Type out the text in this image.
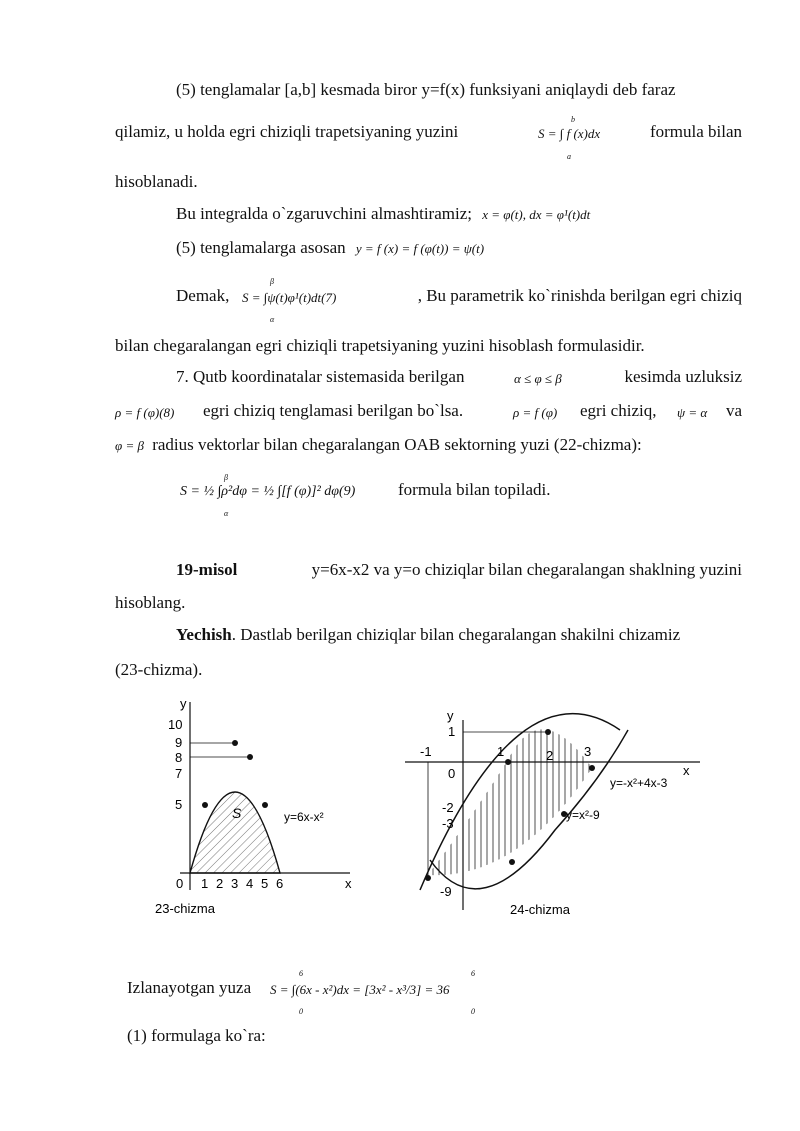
(5) tenglamalar [a,b] kesmada biror y=f(x) funksiyani aniqlaydi deb faraz
qilamiz, u holda egri chiziqli trapetsiyaning yuzini
b
S = ∫ f (x)dx
a
formula bilan
hisoblanadi.
Bu integralda o`zgaruvchini almashtiramiz; x = φ(t), dx = φ¹(t)dt
(5) tenglamalarga asosan y = f (x) = f (φ(t)) = ψ(t)
Demak,
β
S = ∫ψ(t)φ¹(t)dt(7)
α
, Bu parametrik ko`rinishda berilgan egri chiziq
bilan chegaralangan egri chiziqli trapetsiyaning yuzini hisoblash formulasidir.
7. Qutb koordinatalar sistemasida berilgan	α ≤ φ ≤ β	kesimda uzluksiz
ρ = f (φ)(8) egri chiziq tenglamasi berilgan bo`lsa.	ρ = f (φ) egri chiziq, ψ = α va
φ = β radius vektorlar bilan chegaralangan OAB sektorning yuzi (22-chizma):
β
S = ½ ∫ρ²dφ = ½ ∫[f (φ)]² dφ(9)
α
formula bilan topiladi.
19-misol	y=6x-x2 va y=o chiziqlar bilan chegaralangan shaklning yuzini
hisoblang.
Yechish . Dastlab berilgan chiziqlar bilan chegaralangan shakilni chizamiz
(23-chizma).
y
x
10
9
8
7
5
0 1 2 3 4 5 6
S	y=6x-x²
23-chizma
y
x
1
0
-2
-3
-9
-1	1	2 3
y=-x²+4x-3
y=x²-9
24-chizma
Izlanayotgan yuza
6
S = ∫(6x - x²)dx = [3x² - x³/3] = 36
0
6
0
(1) formulaga ko`ra:
